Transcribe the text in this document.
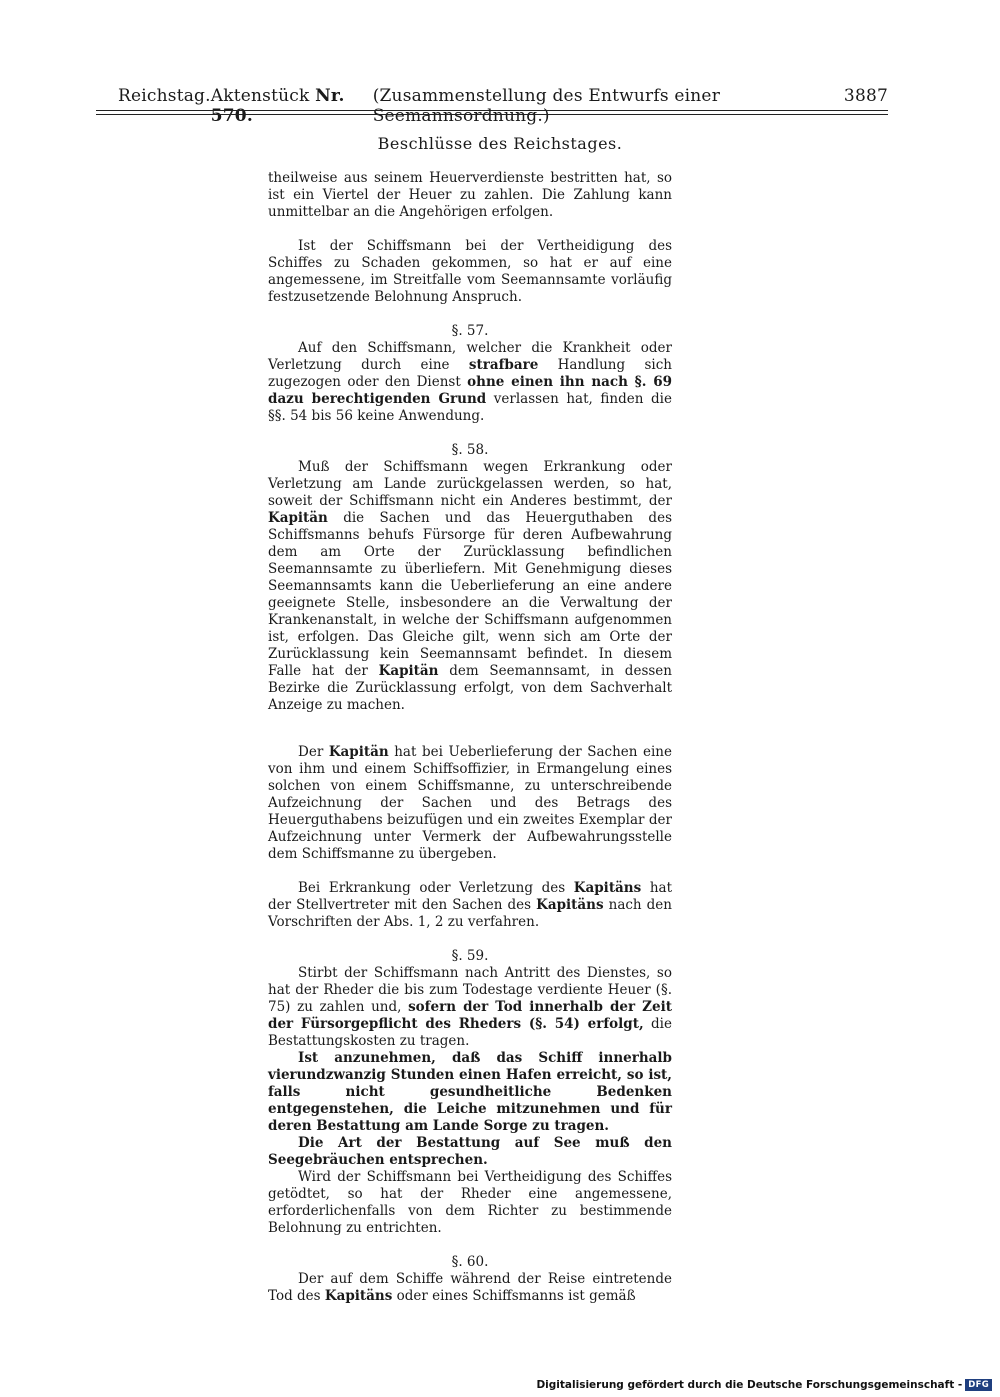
Reichstag. Aktenstück Nr. 570.
(Zusammenstellung des Entwurfs einer Seemannsordnung.)
3887
Beschlüsse des Reichstages.

theilweise aus seinem Heuerverdienste bestritten hat, so ist ein Viertel der Heuer zu zahlen. Die Zahlung kann unmittelbar an die Angehörigen erfolgen.

Ist der Schiffsmann bei der Vertheidigung des Schiffes zu Schaden gekommen, so hat er auf eine angemessene, im Streitfalle vom Seemannsamte vorläufig festzusetzende Belohnung Anspruch.

§. 57.

Auf den Schiffsmann, welcher die Krankheit oder Verletzung durch eine strafbare Handlung sich zugezogen oder den Dienst ohne einen ihn nach §. 69 dazu berechtigenden Grund verlassen hat, finden die §§. 54 bis 56 keine Anwendung.

§. 58.

Muß der Schiffsmann wegen Erkrankung oder Verletzung am Lande zurückgelassen werden, so hat, soweit der Schiffsmann nicht ein Anderes bestimmt, der Kapitän die Sachen und das Heuerguthaben des Schiffsmanns behufs Fürsorge für deren Aufbewahrung dem am Orte der Zurücklassung befindlichen Seemannsamte zu überliefern. Mit Genehmigung dieses Seemannsamts kann die Ueberlieferung an eine andere geeignete Stelle, insbesondere an die Verwaltung der Krankenanstalt, in welche der Schiffsmann aufgenommen ist, erfolgen. Das Gleiche gilt, wenn sich am Orte der Zurücklassung kein Seemannsamt befindet. In diesem Falle hat der Kapitän dem Seemannsamt, in dessen Bezirke die Zurücklassung erfolgt, von dem Sachverhalt Anzeige zu machen.

Der Kapitän hat bei Ueberlieferung der Sachen eine von ihm und einem Schiffsoffizier, in Ermangelung eines solchen von einem Schiffsmanne, zu unterschreibende Aufzeichnung der Sachen und des Betrags des Heuerguthabens beizufügen und ein zweites Exemplar der Aufzeichnung unter Vermerk der Aufbewahrungsstelle dem Schiffsmanne zu übergeben.

Bei Erkrankung oder Verletzung des Kapitäns hat der Stellvertreter mit den Sachen des Kapitäns nach den Vorschriften der Abs. 1, 2 zu verfahren.

§. 59.

Stirbt der Schiffsmann nach Antritt des Dienstes, so hat der Rheder die bis zum Todestage verdiente Heuer (§. 75) zu zahlen und, sofern der Tod innerhalb der Zeit der Fürsorgepflicht des Rheders (§. 54) erfolgt, die Bestattungskosten zu tragen.

Ist anzunehmen, daß das Schiff innerhalb vierundzwanzig Stunden einen Hafen erreicht, so ist, falls nicht gesundheitliche Bedenken entgegenstehen, die Leiche mitzunehmen und für deren Bestattung am Lande Sorge zu tragen.

Die Art der Bestattung auf See muß den Seegebräuchen entsprechen.

Wird der Schiffsmann bei Vertheidigung des Schiffes getödtet, so hat der Rheder eine angemessene, erforderlichenfalls von dem Richter zu bestimmende Belohnung zu entrichten.

§. 60.

Der auf dem Schiffe während der Reise eintretende Tod des Kapitäns oder eines Schiffsmanns ist gemäß

Digitalisierung gefördert durch die Deutsche Forschungsgemeinschaft - DFG
